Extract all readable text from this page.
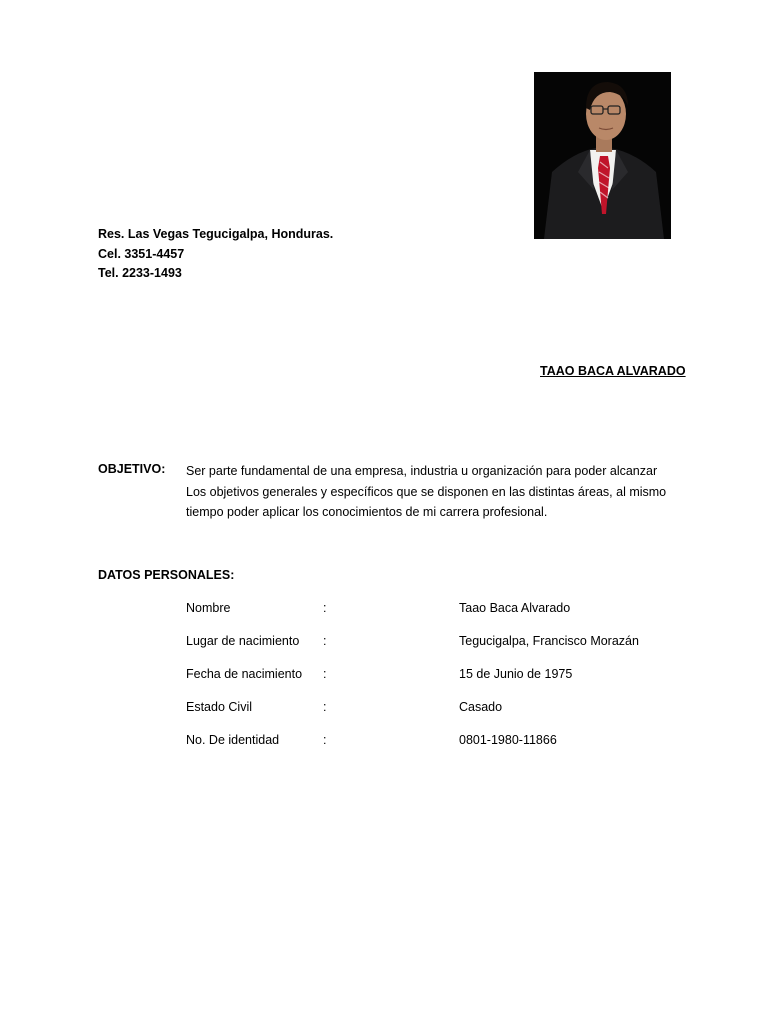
Res. Las Vegas Tegucigalpa, Honduras.
Cel. 3351-4457
Tel. 2233-1493
TAAO BACA ALVARADO
OBJETIVO: Ser parte fundamental de una empresa, industria u organización para poder alcanzar
Los objetivos generales y específicos que se disponen en las distintas áreas, al mismo
tiempo poder aplicar los conocimientos de mi carrera profesional.
DATOS PERSONALES:
Nombre	:	Taao Baca Alvarado
Lugar de nacimiento :	Tegucigalpa, Francisco Morazán
Fecha de nacimiento :	15 de Junio de 1975
Estado Civil	:	Casado
No. De identidad	:	0801-1980-11866
